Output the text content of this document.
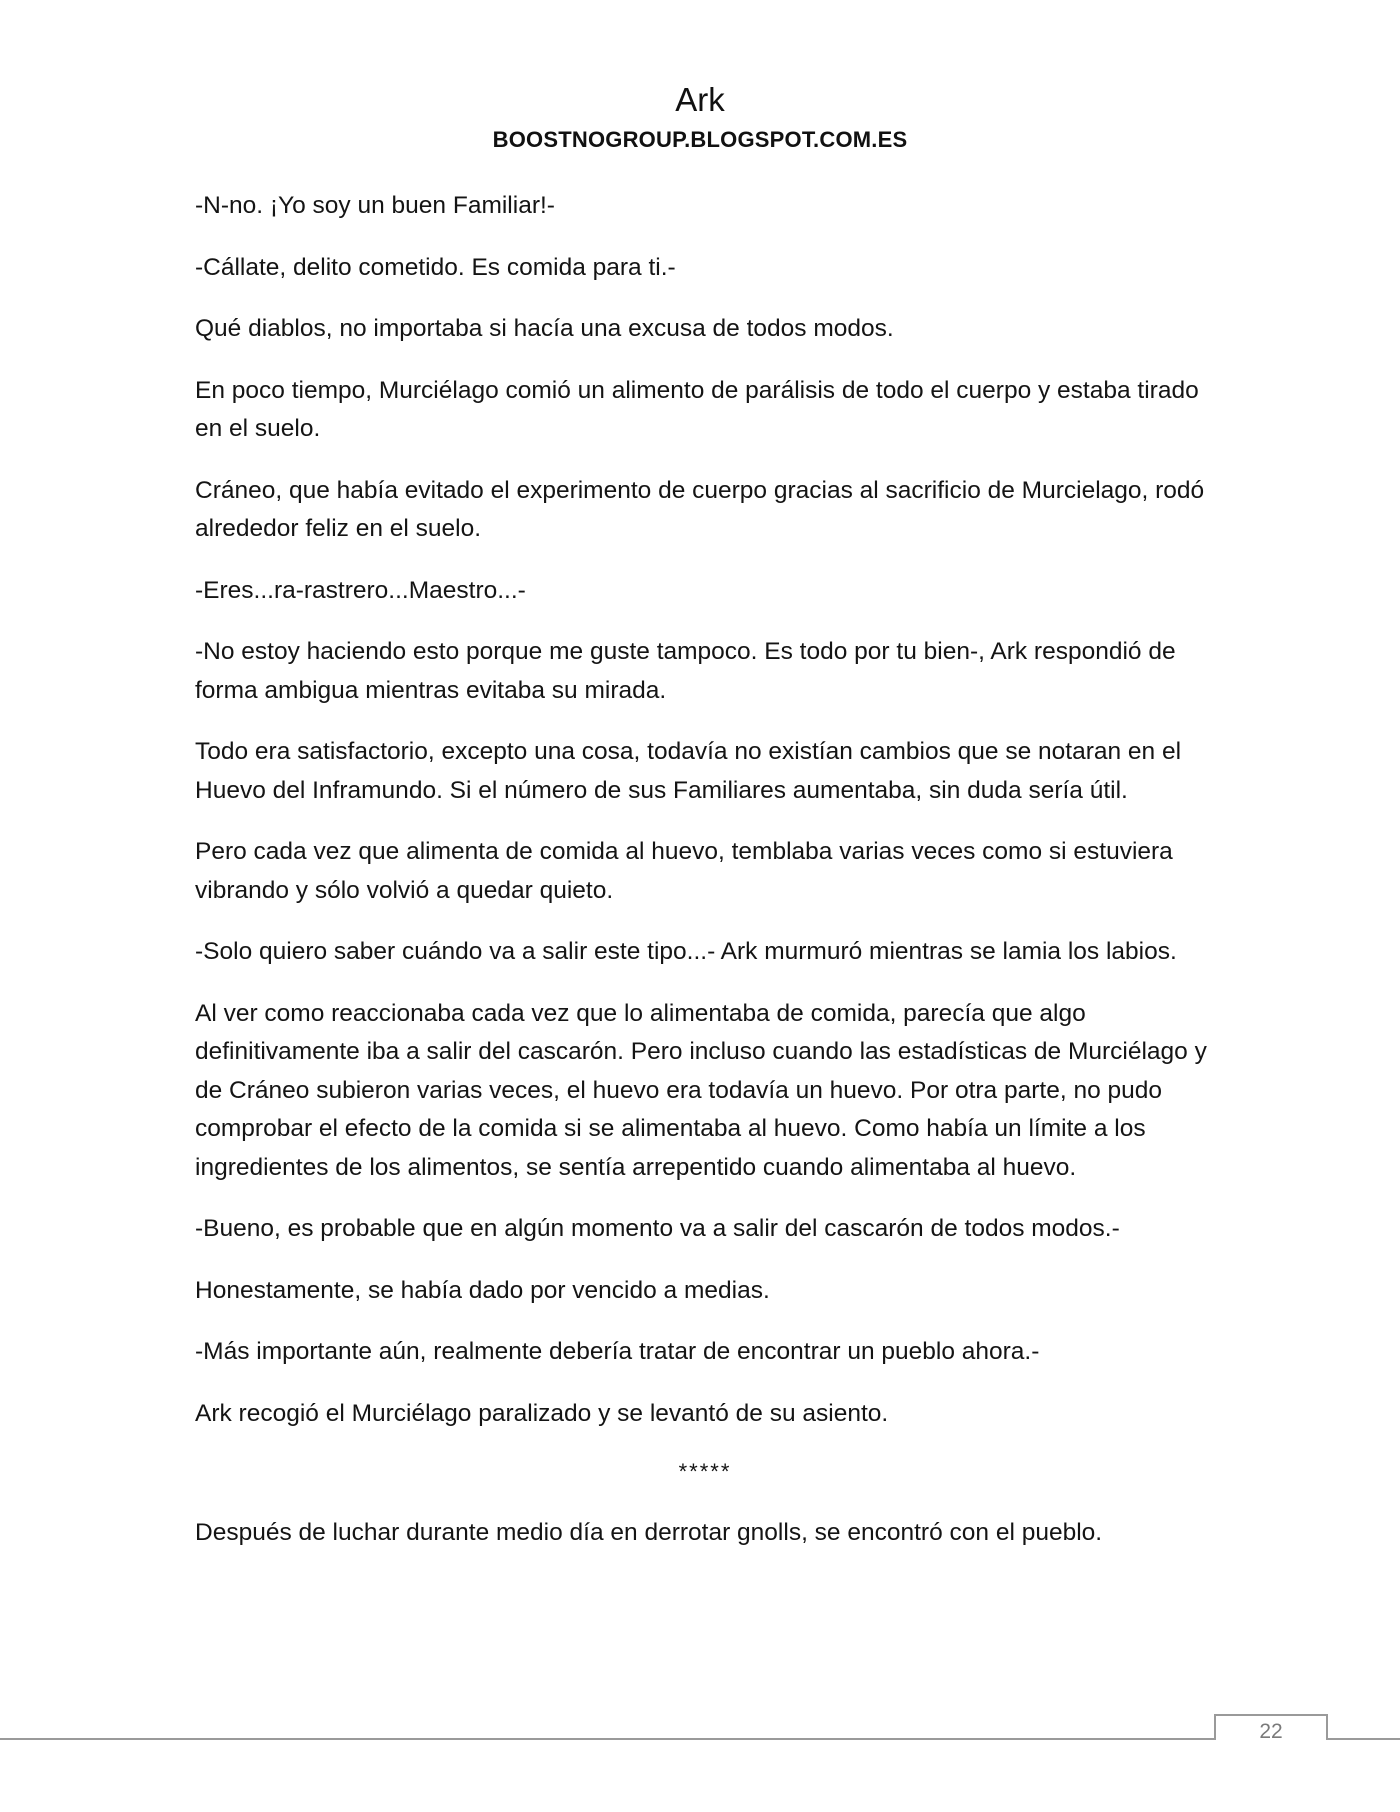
Ark
BOOSTNOGROUP.BLOGSPOT.COM.ES

-N-no. ¡Yo soy un buen Familiar!-

-Cállate, delito cometido. Es comida para ti.-

Qué diablos, no importaba si hacía una excusa de todos modos.

En poco tiempo, Murciélago comió un alimento de parálisis de todo el cuerpo y estaba tirado en el suelo.

Cráneo, que había evitado el experimento de cuerpo gracias al sacrificio de Murcielago, rodó alrededor feliz en el suelo.

-Eres...ra-rastrero...Maestro...-

-No estoy haciendo esto porque me guste tampoco. Es todo por tu bien-, Ark respondió de forma ambigua mientras evitaba su mirada.

Todo era satisfactorio, excepto una cosa, todavía no existían cambios que se notaran en el Huevo del Inframundo. Si el número de sus Familiares aumentaba, sin duda sería útil.

Pero cada vez que alimenta de comida al huevo, temblaba varias veces como si estuviera vibrando y sólo volvió a quedar quieto.

-Solo quiero saber cuándo va a salir este tipo...- Ark murmuró mientras se lamia los labios.

Al ver como reaccionaba cada vez que lo alimentaba de comida, parecía que algo definitivamente iba a salir del cascarón. Pero incluso cuando las estadísticas de Murciélago y de Cráneo subieron varias veces, el huevo era todavía un huevo. Por otra parte, no pudo comprobar el efecto de la comida si se alimentaba al huevo. Como había un límite a los ingredientes de los alimentos, se sentía arrepentido cuando alimentaba al huevo.

-Bueno, es probable que en algún momento va a salir del cascarón de todos modos.-

Honestamente, se había dado por vencido a medias.

-Más importante aún, realmente debería tratar de encontrar un pueblo ahora.-

Ark recogió el Murciélago paralizado y se levantó de su asiento.

*****

Después de luchar durante medio día en derrotar gnolls, se encontró con el pueblo.

22
